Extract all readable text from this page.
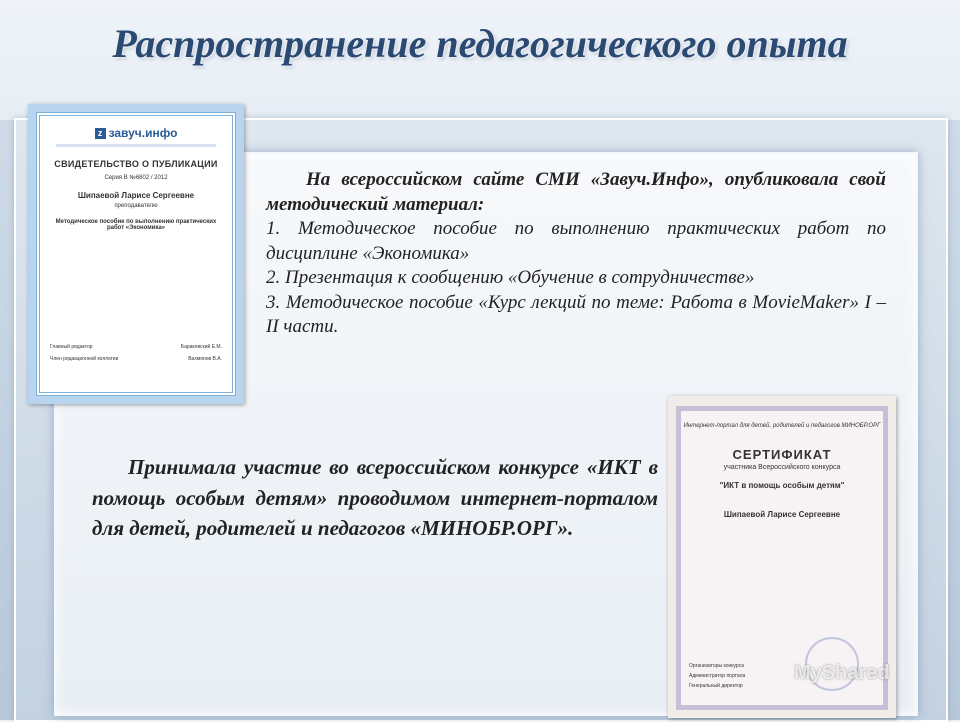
Распространение педагогического опыта
z завуч.инфо
СВИДЕТЕЛЬСТВО О ПУБЛИКАЦИИ
Серия В №6802 / 2012
Шипаевой Ларисе Сергеевне
преподавателю
Методическое пособие по выполнению практических работ «Экономика»
Главный редактор	Бараковский Е.М.
Член редакционной коллегии	Вахмянов В.А.

На всероссийском сайте СМИ «Завуч.Инфо», опубликовала свой методический материал:

1. Методическое пособие по выполнению практических работ по дисциплине «Экономика»
2. Презентация к сообщению «Обучение в сотрудничестве»
3. Методическое пособие «Курс лекций по теме: Работа в MovieMaker» I – II части.

Принимала участие во всероссийском конкурсе «ИКТ в помощь особым детям» проводимом интернет-порталом для детей, родителей и педагогов «МИНОБР.ОРГ».

Интернет-портал для детей, родителей и педагогов МИНОБР.ОРГ
СЕРТИФИКАТ
участника Всероссийского конкурса
"ИКТ в помощь особым детям"
Шипаевой Ларисе Сергеевне
Организаторы конкурса
Администратор портала
Генеральный директор
MyShared
